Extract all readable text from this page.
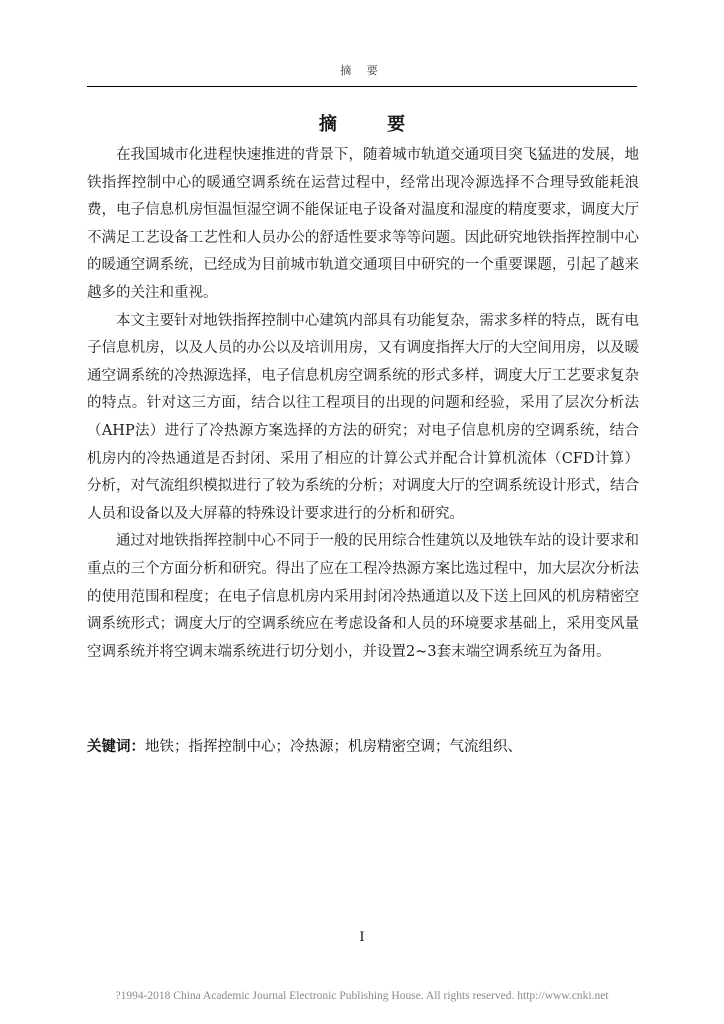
摘 要
摘 要

在我国城市化进程快速推进的背景下，随着城市轨道交通项目突飞猛进的发展，地铁指挥控制中心的暖通空调系统在运营过程中，经常出现冷源选择不合理导致能耗浪费，电子信息机房恒温恒湿空调不能保证电子设备对温度和湿度的精度要求，调度大厅不满足工艺设备工艺性和人员办公的舒适性要求等等问题。因此研究地铁指挥控制中心的暖通空调系统，已经成为目前城市轨道交通项目中研究的一个重要课题，引起了越来越多的关注和重视。

本文主要针对地铁指挥控制中心建筑内部具有功能复杂，需求多样的特点，既有电子信息机房，以及人员的办公以及培训用房，又有调度指挥大厅的大空间用房，以及暖通空调系统的冷热源选择，电子信息机房空调系统的形式多样，调度大厅工艺要求复杂的特点。针对这三方面，结合以往工程项目的出现的问题和经验，采用了层次分析法（AHP法）进行了冷热源方案选择的方法的研究；对电子信息机房的空调系统，结合机房内的冷热通道是否封闭、采用了相应的计算公式并配合计算机流体（CFD计算）分析，对气流组织模拟进行了较为系统的分析；对调度大厅的空调系统设计形式，结合人员和设备以及大屏幕的特殊设计要求进行的分析和研究。

通过对地铁指挥控制中心不同于一般的民用综合性建筑以及地铁车站的设计要求和重点的三个方面分析和研究。得出了应在工程冷热源方案比选过程中，加大层次分析法的使用范围和程度；在电子信息机房内采用封闭冷热通道以及下送上回风的机房精密空调系统形式；调度大厅的空调系统应在考虑设备和人员的环境要求基础上，采用变风量空调系统并将空调末端系统进行切分划小，并设置2~3套末端空调系统互为备用。

关键词：地铁；指挥控制中心；冷热源；机房精密空调；气流组织、
I
?1994-2018 China Academic Journal Electronic Publishing House. All rights reserved. http://www.cnki.net
